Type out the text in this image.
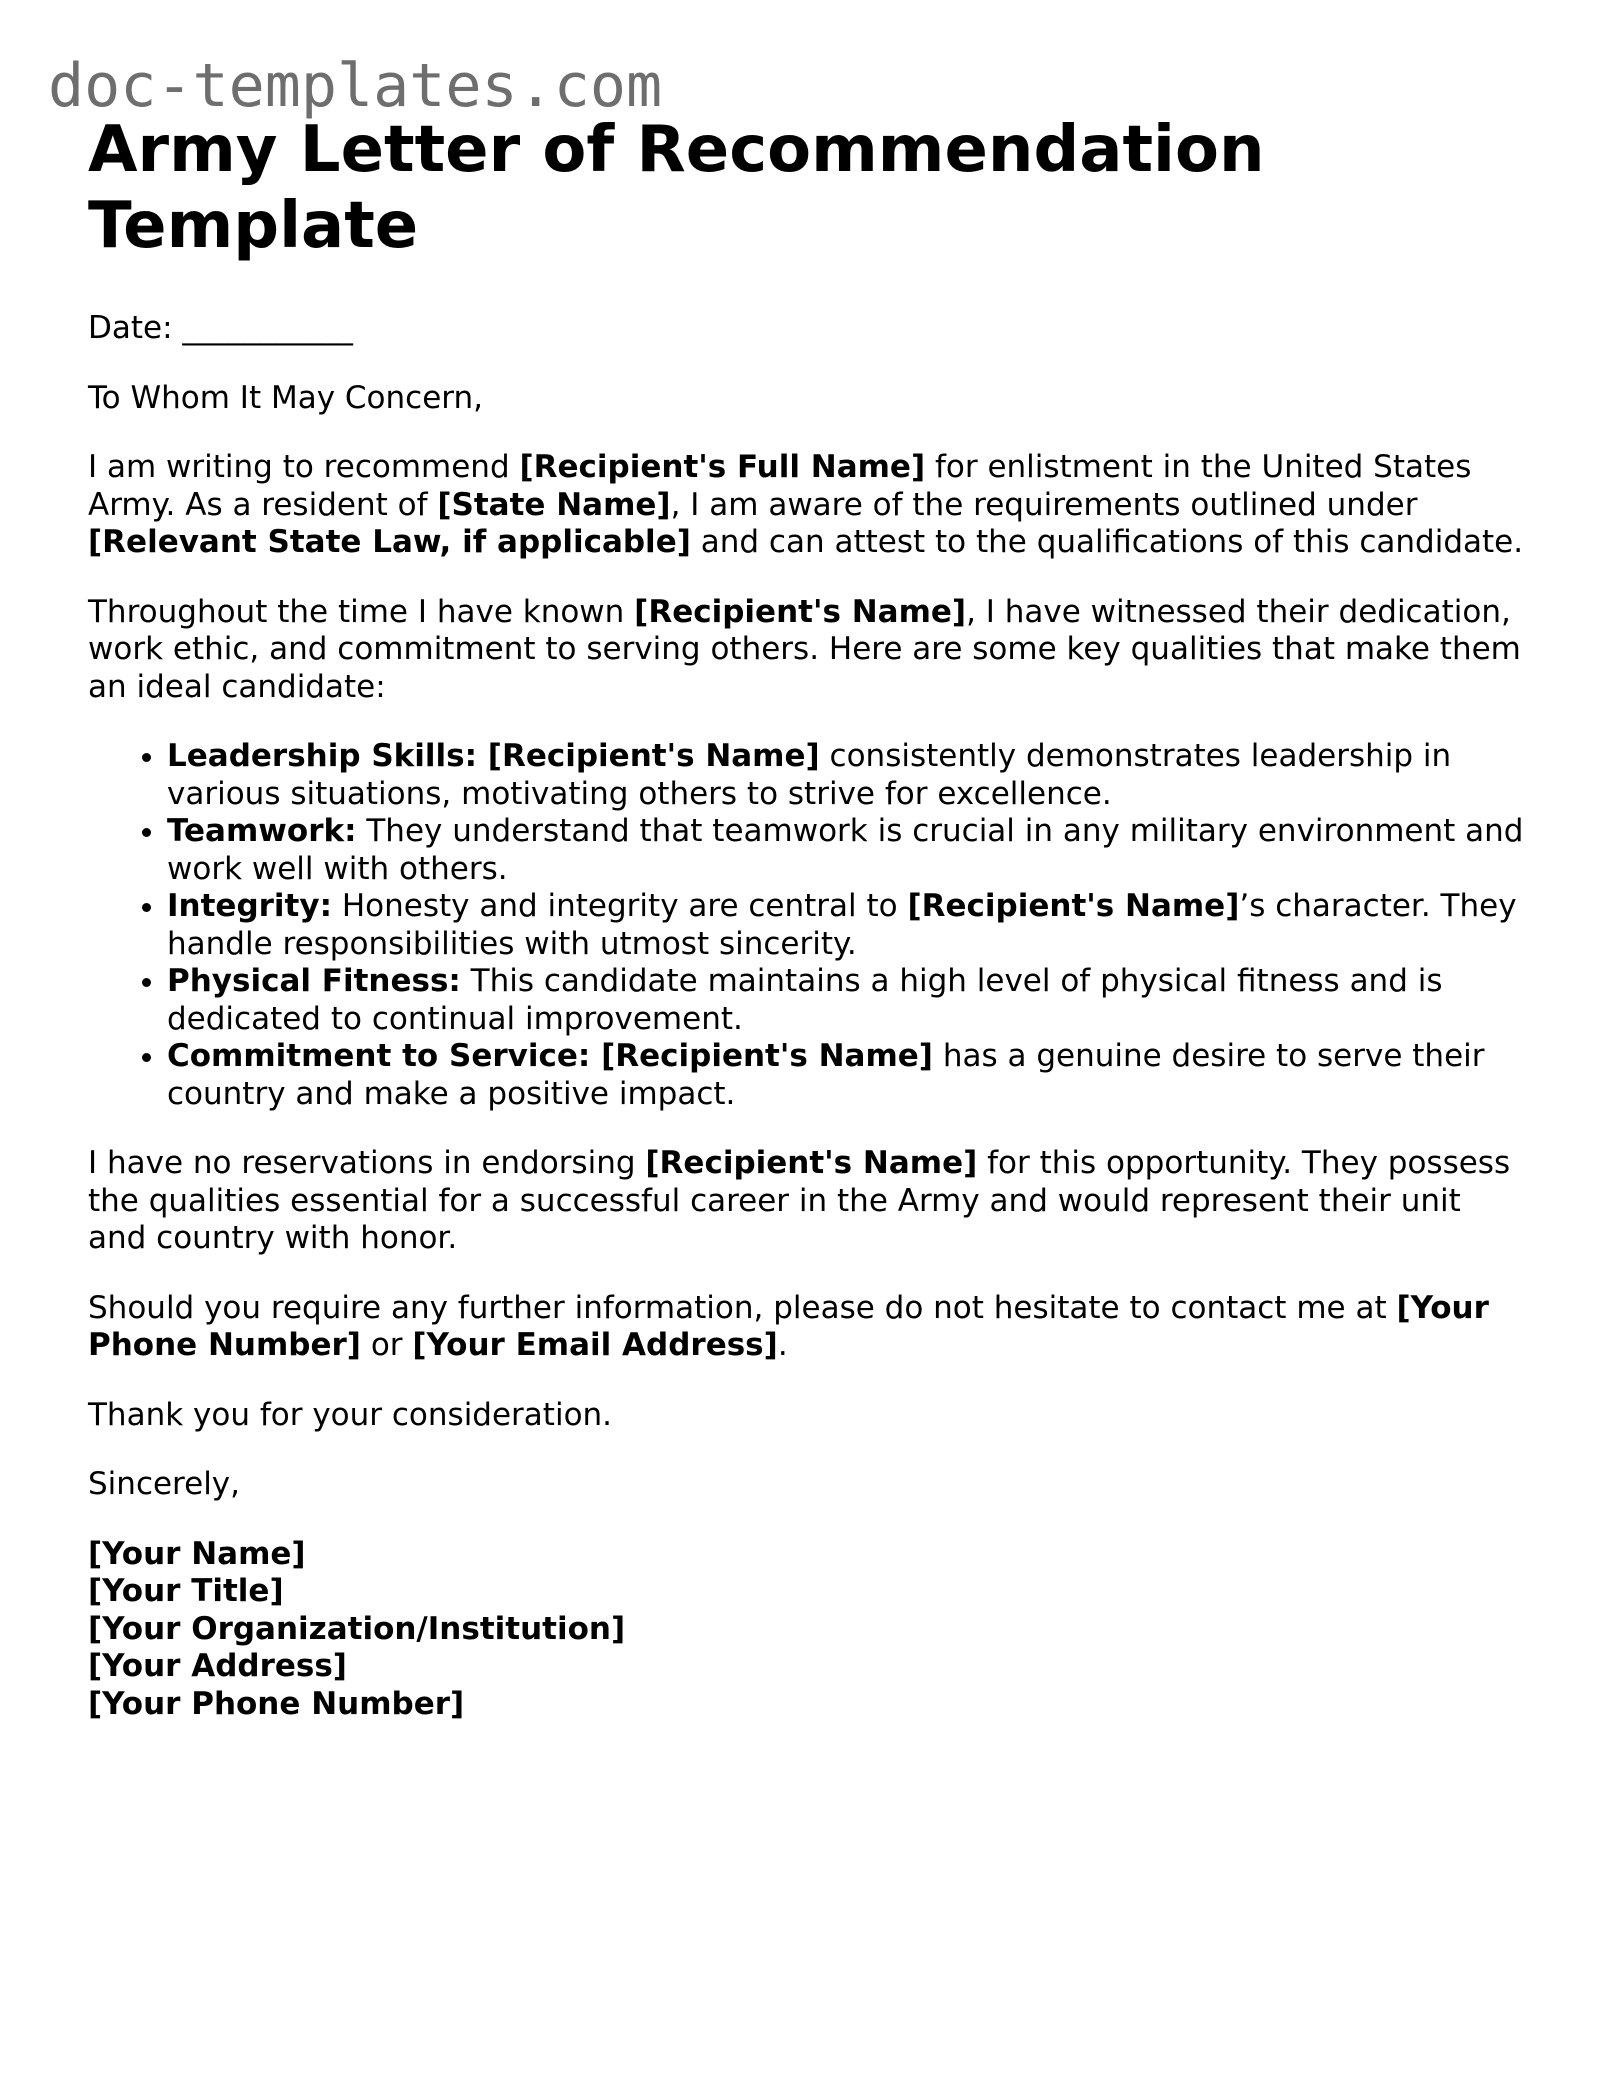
doc-templates.com
Army Letter of Recommendation Template

Date: ___________

To Whom It May Concern,

I am writing to recommend [Recipient's Full Name] for enlistment in the United States Army. As a resident of [State Name], I am aware of the requirements outlined under [Relevant State Law, if applicable] and can attest to the qualifications of this candidate.

Throughout the time I have known [Recipient's Name], I have witnessed their dedication, work ethic, and commitment to serving others. Here are some key qualities that make them an ideal candidate:

• Leadership Skills: [Recipient's Name] consistently demonstrates leadership in various situations, motivating others to strive for excellence.
• Teamwork: They understand that teamwork is crucial in any military environment and work well with others.
• Integrity: Honesty and integrity are central to [Recipient's Name]’s character. They handle responsibilities with utmost sincerity.
• Physical Fitness: This candidate maintains a high level of physical fitness and is dedicated to continual improvement.
• Commitment to Service: [Recipient's Name] has a genuine desire to serve their country and make a positive impact.

I have no reservations in endorsing [Recipient's Name] for this opportunity. They possess the qualities essential for a successful career in the Army and would represent their unit and country with honor.

Should you require any further information, please do not hesitate to contact me at [Your Phone Number] or [Your Email Address].

Thank you for your consideration.

Sincerely,

[Your Name]
[Your Title]
[Your Organization/Institution]
[Your Address]
[Your Phone Number]
